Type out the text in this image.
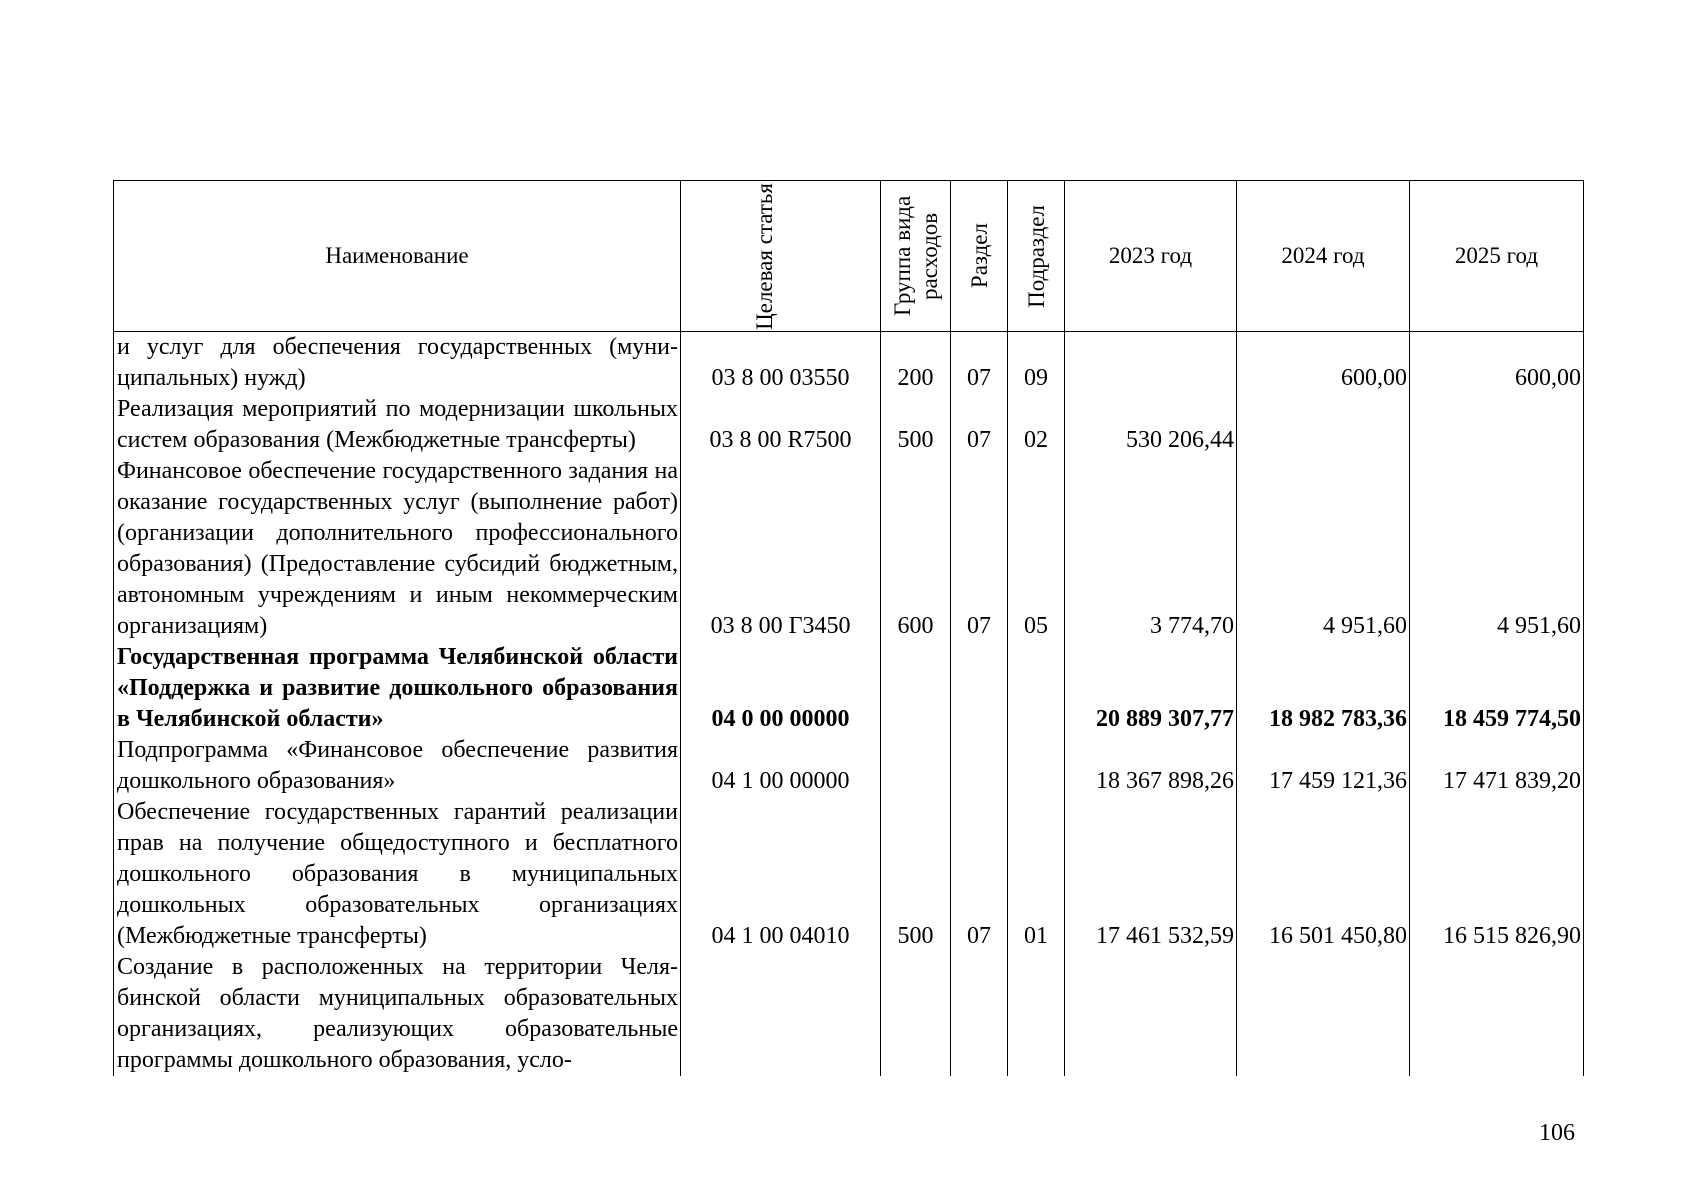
Наименование	Целевая статья	Группа вида расходов	Раздел	Подраздел	2023 год	2024 год	2025 год
и услуг для обеспечения государственных (муниципальных) нужд)	03 8 00 03550	200	07	09		600,00	600,00
Реализация мероприятий по модернизации школьных систем образования (Межбюджетные трансферты)	03 8 00 R7500	500	07	02	530 206,44		
Финансовое обеспечение государственного задания на оказание государственных услуг (выполнение работ) (организации дополнительного профессионального образования) (Предоставление субсидий бюджетным, автономным учреждениям и иным некоммерческим организациям)	03 8 00 Г3450	600	07	05	3 774,70	4 951,60	4 951,60
Государственная программа Челябинской области «Поддержка и развитие дошкольного образования в Челябинской области»	04 0 00 00000				20 889 307,77	18 982 783,36	18 459 774,50
Подпрограмма «Финансовое обеспечение развития дошкольного образования»	04 1 00 00000				18 367 898,26	17 459 121,36	17 471 839,20
Обеспечение государственных гарантий реализации прав на получение общедоступного и бесплатного дошкольного образования в муниципальных дошкольных образовательных организациях (Межбюджетные трансферты)	04 1 00 04010	500	07	01	17 461 532,59	16 501 450,80	16 515 826,90
Создание в расположенных на территории Челябинской области муниципальных образовательных организациях, реализующих образовательные программы дошкольного образования, усло-							
106
